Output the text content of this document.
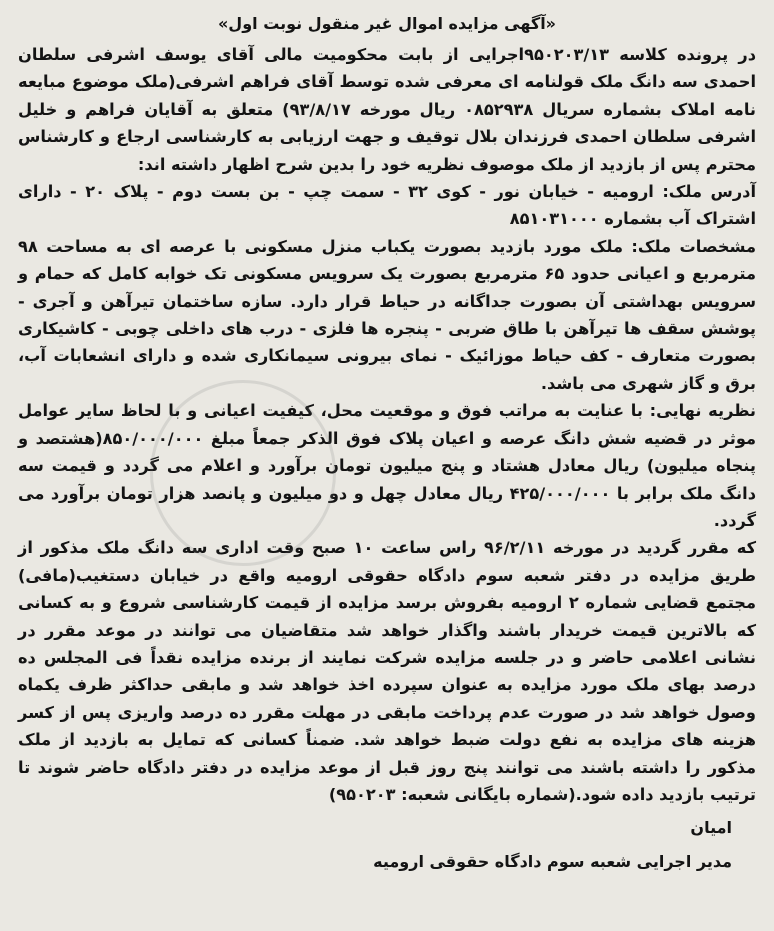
«آگهی مزایده اموال غیر منقول نوبت اول»

در پرونده کلاسه ۹۵۰۲۰۳/۱۳اجرایی از بابت محکومیت مالی آقای یوسف اشرفی سلطان احمدی سه دانگ ملک قولنامه ای معرفی شده توسط آقای فراهم اشرفی(ملک موضوع مبایعه نامه املاک بشماره سریال ۰۸۵۲۹۳۸ ریال مورخه ۹۳/۸/۱۷) متعلق به آقایان فراهم و خلیل اشرفی سلطان احمدی فرزندان بلال توقیف و جهت ارزیابی به کارشناسی ارجاع و کارشناس محترم پس از بازدید از ملک موصوف نظریه خود را بدین شرح اظهار داشته اند:

آدرس ملک: ارومیه - خیابان نور - کوی ۳۲ - سمت چپ - بن بست دوم - پلاک ۲۰ - دارای اشتراک آب بشماره ۸۵۱۰۳۱۰۰۰

مشخصات ملک: ملک مورد بازدید بصورت یکباب منزل مسکونی با عرصه ای به مساحت ۹۸ مترمربع و اعیانی حدود ۶۵ مترمربع بصورت یک سرویس مسکونی تک خوابه کامل که حمام و سرویس بهداشتی آن بصورت جداگانه در حیاط قرار دارد. سازه ساختمان تیرآهن و آجری - پوشش سقف ها تیرآهن با طاق ضربی - پنجره ها فلزی - درب های داخلی چوبی - کاشیکاری بصورت متعارف - کف حیاط موزائیک - نمای بیرونی سیمانکاری شده و دارای انشعابات آب، برق و گاز شهری می باشد.

نظریه نهایی: با عنایت به مراتب فوق و موقعیت محل، کیفیت اعیانی و با لحاظ سایر عوامل موثر در قضیه شش دانگ عرصه و اعیان پلاک فوق الذکر جمعاً مبلغ ۸۵۰/۰۰۰/۰۰۰(هشتصد و پنجاه میلیون) ریال معادل هشتاد و پنج میلیون تومان برآورد و اعلام می گردد و قیمت سه دانگ ملک برابر با ۴۲۵/۰۰۰/۰۰۰ ریال معادل چهل و دو میلیون و پانصد هزار تومان برآورد می گردد.

که مقرر گردید در مورخه ۹۶/۲/۱۱ راس ساعت ۱۰ صبح وقت اداری سه دانگ ملک مذکور از طریق مزایده در دفتر شعبه سوم دادگاه حقوقی ارومیه واقع در خیابان دستغیب(مافی) مجتمع قضایی شماره ۲ ارومیه بفروش برسد مزایده از قیمت کارشناسی شروع و به کسانی که بالاترین قیمت خریدار باشند واگذار خواهد شد متقاضیان می توانند در موعد مقرر در نشانی اعلامی حاضر و در جلسه مزایده شرکت نمایند از برنده مزایده نقداً فی المجلس ده درصد بهای ملک مورد مزایده به عنوان سپرده اخذ خواهد شد و مابقی حداکثر ظرف یکماه وصول خواهد شد در صورت عدم پرداخت مابقی در مهلت مقرر ده درصد واریزی پس از کسر هزینه های مزایده به نفع دولت ضبط خواهد شد. ضمناً کسانی که تمایل به بازدید از ملک مذکور را داشته باشند می توانند پنج روز قبل از موعد مزایده در دفتر دادگاه حاضر شوند تا ترتیب بازدید داده شود.(شماره بایگانی شعبه: ۹۵۰۲۰۳)

امیان
مدیر اجرایی شعبه سوم دادگاه حقوقی ارومیه
